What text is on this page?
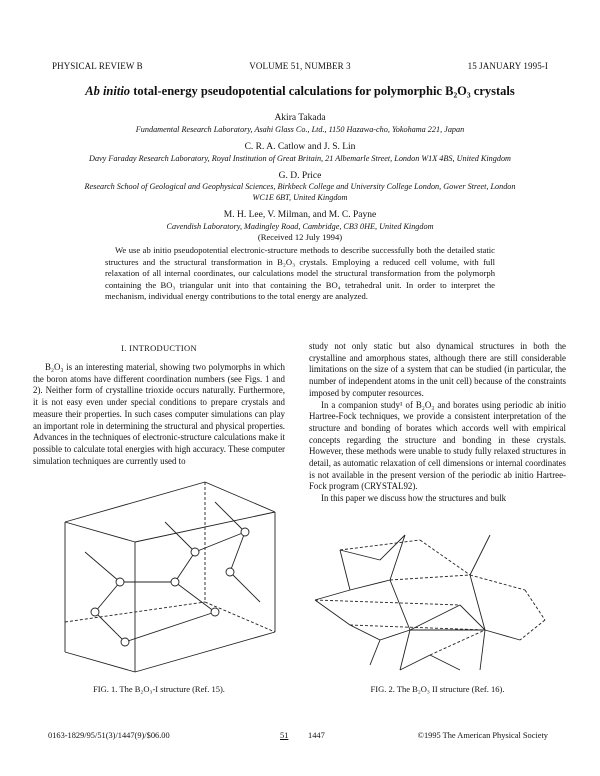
PHYSICAL REVIEW B	VOLUME 51, NUMBER 3	15 JANUARY 1995-I
Ab initio total-energy pseudopotential calculations for polymorphic B₂O₃ crystals
Akira Takada
Fundamental Research Laboratory, Asahi Glass Co., Ltd., 1150 Hazawa-cho, Yokohama 221, Japan
C. R. A. Catlow and J. S. Lin
Davy Faraday Research Laboratory, Royal Institution of Great Britain, 21 Albemarle Street, London W1X 4BS, United Kingdom
G. D. Price
Research School of Geological and Geophysical Sciences, Birkbeck College and University College London, Gower Street, London WC1E 6BT, United Kingdom
M. H. Lee, V. Milman, and M. C. Payne
Cavendish Laboratory, Madingley Road, Cambridge, CB3 0HE, United Kingdom
(Received 12 July 1994)
We use ab initio pseudopotential electronic-structure methods to describe successfully both the detailed static structures and the structural transformation in B₂O₃ crystals. Employing a reduced cell volume, with full relaxation of all internal coordinates, our calculations model the structural transformation from the polymorph containing the BO₃ triangular unit into that containing the BO₄ tetrahedral unit. In order to interpret the mechanism, individual energy contributions to the total energy are analyzed.
I. INTRODUCTION

B₂O₃ is an interesting material, showing two polymorphs in which the boron atoms have different coordination numbers (see Figs. 1 and 2). Neither form of crystalline trioxide occurs naturally. Furthermore, it is not easy even under special conditions to prepare crystals and measure their properties. In such cases computer simulations can play an important role in determining the structural and physical properties. Advances in the techniques of electronic-structure calculations make it possible to calculate total energies with high accuracy. These computer simulation techniques are currently used to

study not only static but also dynamical structures in both the crystalline and amorphous states, although there are still considerable limitations on the size of a system that can be studied (in particular, the number of independent atoms in the unit cell) because of the constraints imposed by computer resources.

In a companion study¹ of B₂O₃ and borates using periodic ab initio Hartree-Fock techniques, we provide a consistent interpretation of the structure and bonding of borates which accords well with empirical concepts regarding the structure and bonding in these crystals. However, these methods were unable to study fully relaxed structures in detail, as automatic relaxation of cell dimensions or internal coordinates is not available in the present version of the periodic ab initio Hartree-Fock program (CRYSTAL92).

In this paper we discuss how the structures and bulk

FIG. 1. The B₂O₃-I structure (Ref. 15).	FIG. 2. The B₂O₃ II structure (Ref. 16).
0163-1829/95/51(3)/1447(9)/$06.00	51 1447	©1995 The American Physical Society
